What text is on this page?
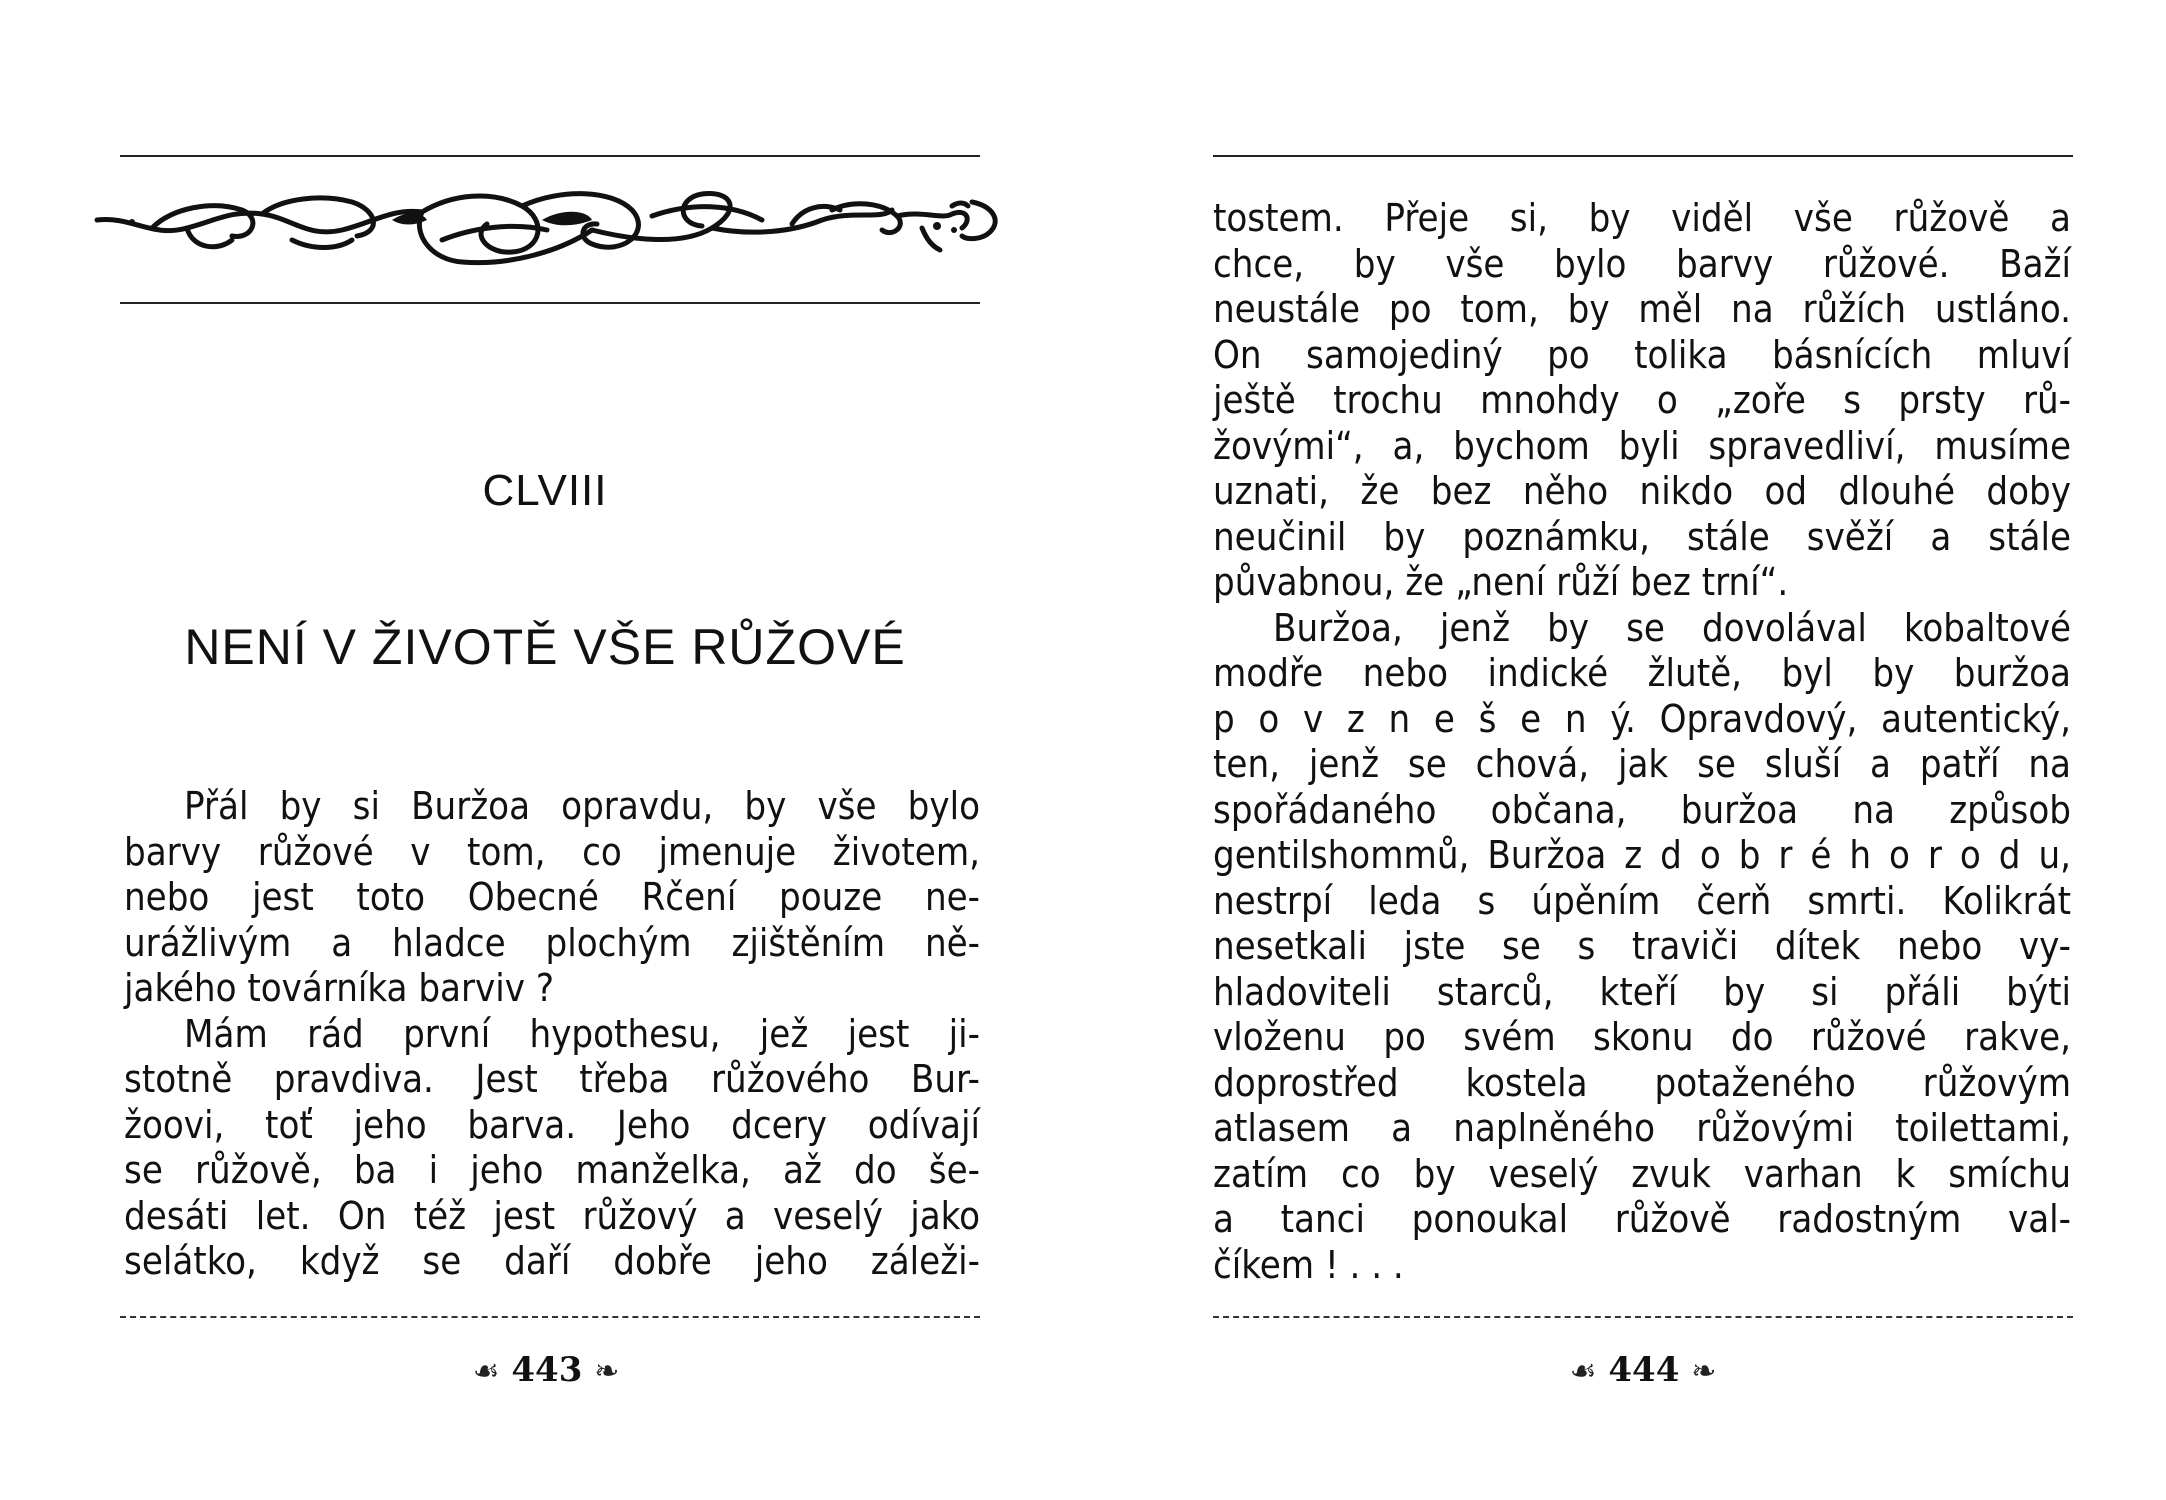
CLVIII
NENÍ V ŽIVOTĚ VŠE RŮŽOVÉ
Přál by si Buržoa opravdu, by vše bylo
barvy růžové v tom, co jmenuje životem,
nebo jest toto Obecné Rčení pouze ne-
urážlivým a hladce plochým zjištěním ně-
jakého továrníka barviv ?
Mám rád první hypothesu, jež jest ji-
stotně pravdiva. Jest třeba růžového Bur-
žoovi, toť jeho barva. Jeho dcery odívají
se růžově, ba i jeho manželka, až do še-
desáti let. On též jest růžový a veselý jako
selátko, když se daří dobře jeho záleži-
☙ 443 ❧
tostem. Přeje si, by viděl vše růžově a
chce, by vše bylo barvy růžové. Baží
neustále po tom, by měl na růžích ustláno.
On samojediný po tolika básnících mluví
ještě trochu mnohdy o „zoře s prsty rů-
žovými“, a, bychom byli spravedliví, musíme
uznati, že bez něho nikdo od dlouhé doby
neučinil by poznámku, stále svěží a stále
půvabnou, že „není růží bez trní“.
Buržoa, jenž by se dovolával kobaltové
modře nebo indické žlutě, byl by buržoa
p o v z n e š e n ý. Opravdový, autentický,
ten, jenž se chová, jak se sluší a patří na
spořádaného občana, buržoa na způsob
gentilshommů, Buržoa z d o b r é h o r o d u,
nestrpí leda s úpěním čerň smrti. Kolikrát
nesetkali jste se s traviči dítek nebo vy-
hladoviteli starců, kteří by si přáli býti
vloženu po svém skonu do růžové rakve,
doprostřed kostela potaženého růžovým
atlasem a naplněného růžovými toilettami,
zatím co by veselý zvuk varhan k smíchu
a tanci ponoukal růžově radostným val-
číkem ! . . .
☙ 444 ❧
